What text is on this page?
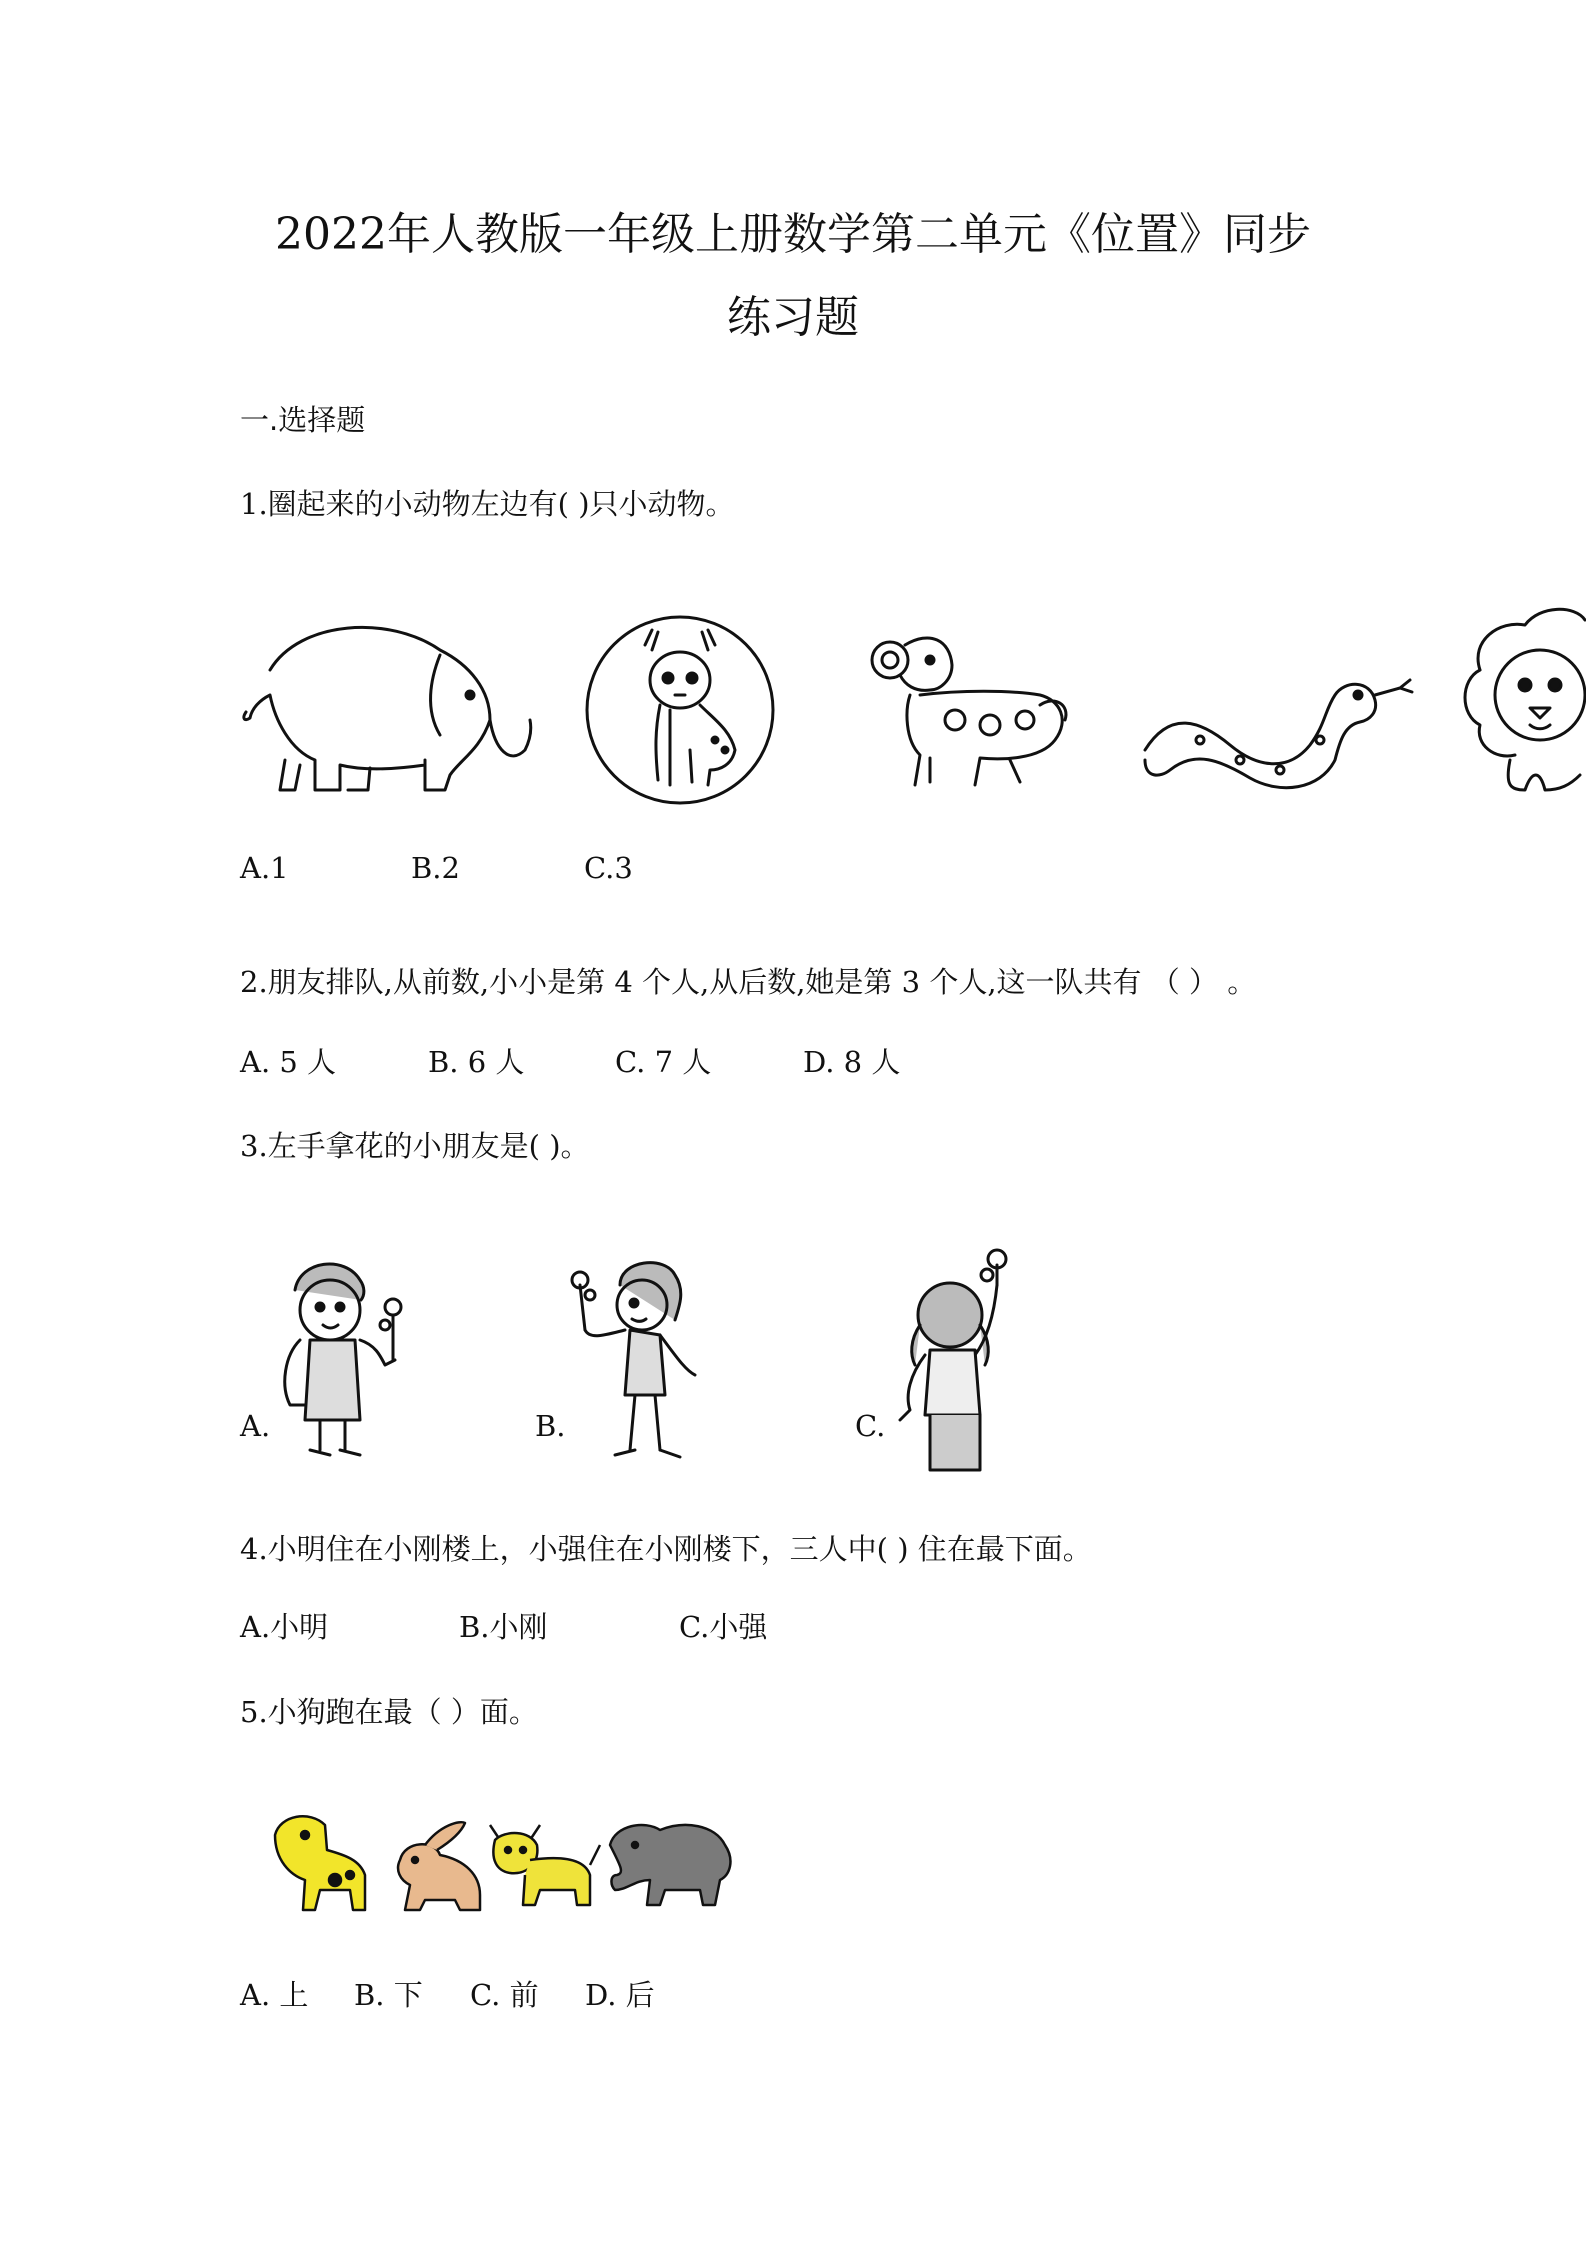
2022年人教版一年级上册数学第二单元《位置》同步
练习题
一.选择题
1.圈起来的小动物左边有( )只小动物。
A.1	B.2	C.3
2.朋友排队,从前数,小小是第 4 个人,从后数,她是第 3 个人,这一队共有 （ ） 。
A. 5 人	B. 6 人	C. 7 人	D. 8 人
3.左手拿花的小朋友是( )。
A.	B.	C.
4.小明住在小刚楼上，小强住在小刚楼下，三人中( ) 住在最下面。
A.小明	B.小刚	C.小强
5.小狗跑在最（ ）面。
A. 上 B. 下 C. 前 D. 后
